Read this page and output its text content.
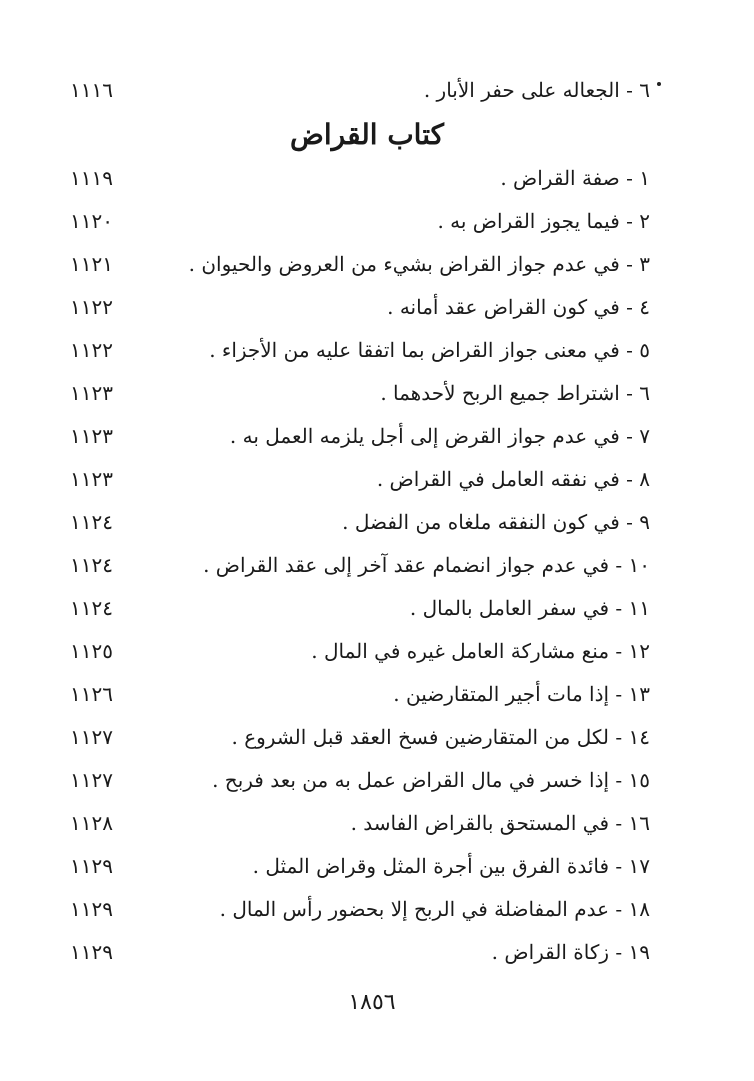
٦ - الجعاله على حفر الأبار .
١١١٦
كتاب القراض
١ - صفة القراض .
١١١٩
٢ - فيما يجوز القراض به .
١١٢٠
٣ - في عدم جواز القراض بشيء من العروض والحيوان .
١١٢١
٤ - في كون القراض عقد أمانه .
١١٢٢
٥ - في معنى جواز القراض بما اتفقا عليه من الأجزاء .
١١٢٢
٦ - اشتراط جميع الربح لأحدهما .
١١٢٣
٧ - في عدم جواز القرض إلى أجل يلزمه العمل به .
١١٢٣
٨ - في نفقه العامل في القراض .
١١٢٣
٩ - في كون النفقه ملغاه من الفضل .
١١٢٤
١٠ - في عدم جواز انضمام عقد آخر إلى عقد القراض .
١١٢٤
١١ - في سفر العامل بالمال .
١١٢٤
١٢ - منع مشاركة العامل غيره في المال .
١١٢٥
١٣ - إذا مات أجير المتقارضين .
١١٢٦
١٤ - لكل من المتقارضين فسخ العقد قبل الشروع .
١١٢٧
١٥ - إذا خسر في مال القراض عمل به من بعد فربح .
١١٢٧
١٦ - في المستحق بالقراض الفاسد .
١١٢٨
١٧ - فائدة الفرق بين أجرة المثل وقراض المثل .
١١٢٩
١٨ - عدم المفاضلة في الربح إلا بحضور رأس المال .
١١٢٩
١٩ - زكاة القراض .
١١٢٩
١٨٥٦
